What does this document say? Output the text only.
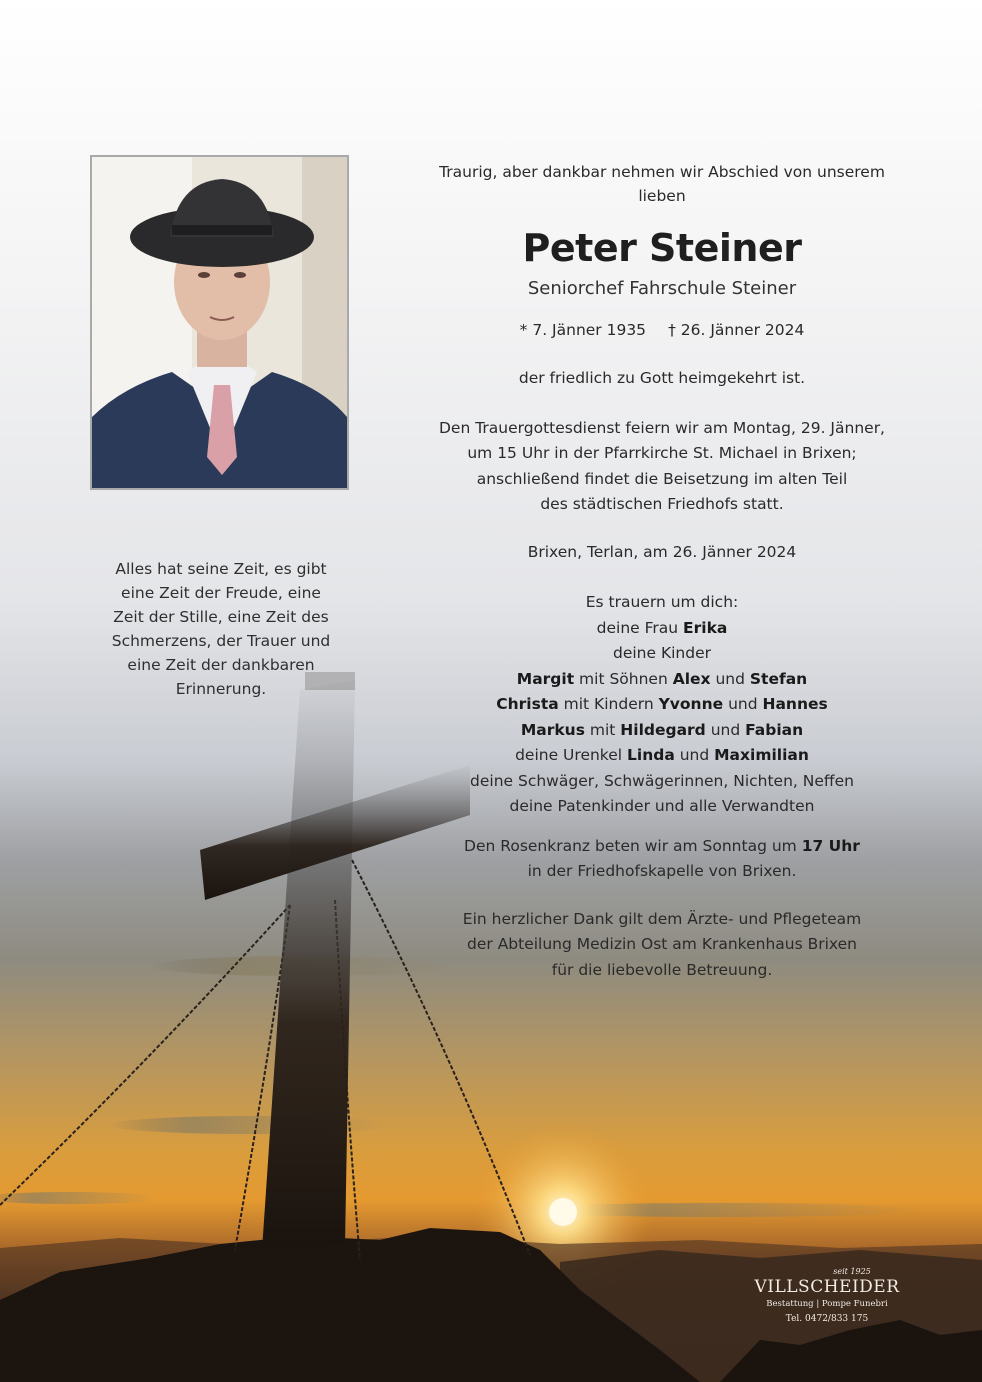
Traurig, aber dankbar nehmen wir Abschied von unserem lieben

Peter Steiner

Seniorchef Fahrschule Steiner

* 7. Jänner 1935 † 26. Jänner 2024

der friedlich zu Gott heimgekehrt ist.

Den Trauergottesdienst feiern wir am Montag, 29. Jänner,
um 15 Uhr in der Pfarrkirche St. Michael in Brixen;
anschließend findet die Beisetzung im alten Teil
des städtischen Friedhofs statt.

Brixen, Terlan, am 26. Jänner 2024

Es trauern um dich:
deine Frau Erika
deine Kinder
Margit mit Söhnen Alex und Stefan
Christa mit Kindern Yvonne und Hannes
Markus mit Hildegard und Fabian
deine Urenkel Linda und Maximilian
deine Schwäger, Schwägerinnen, Nichten, Neffen
deine Patenkinder und alle Verwandten

Den Rosenkranz beten wir am Sonntag um 17 Uhr
in der Friedhofskapelle von Brixen.

Ein herzlicher Dank gilt dem Ärzte- und Pflegeteam
der Abteilung Medizin Ost am Krankenhaus Brixen
für die liebevolle Betreuung.

Alles hat seine Zeit, es gibt
eine Zeit der Freude, eine
Zeit der Stille, eine Zeit des
Schmerzens, der Trauer und
eine Zeit der dankbaren
Erinnerung.
seit 1925
VILLSCHEIDER
Bestattung | Pompe Funebri
Tel. 0472/833 175
